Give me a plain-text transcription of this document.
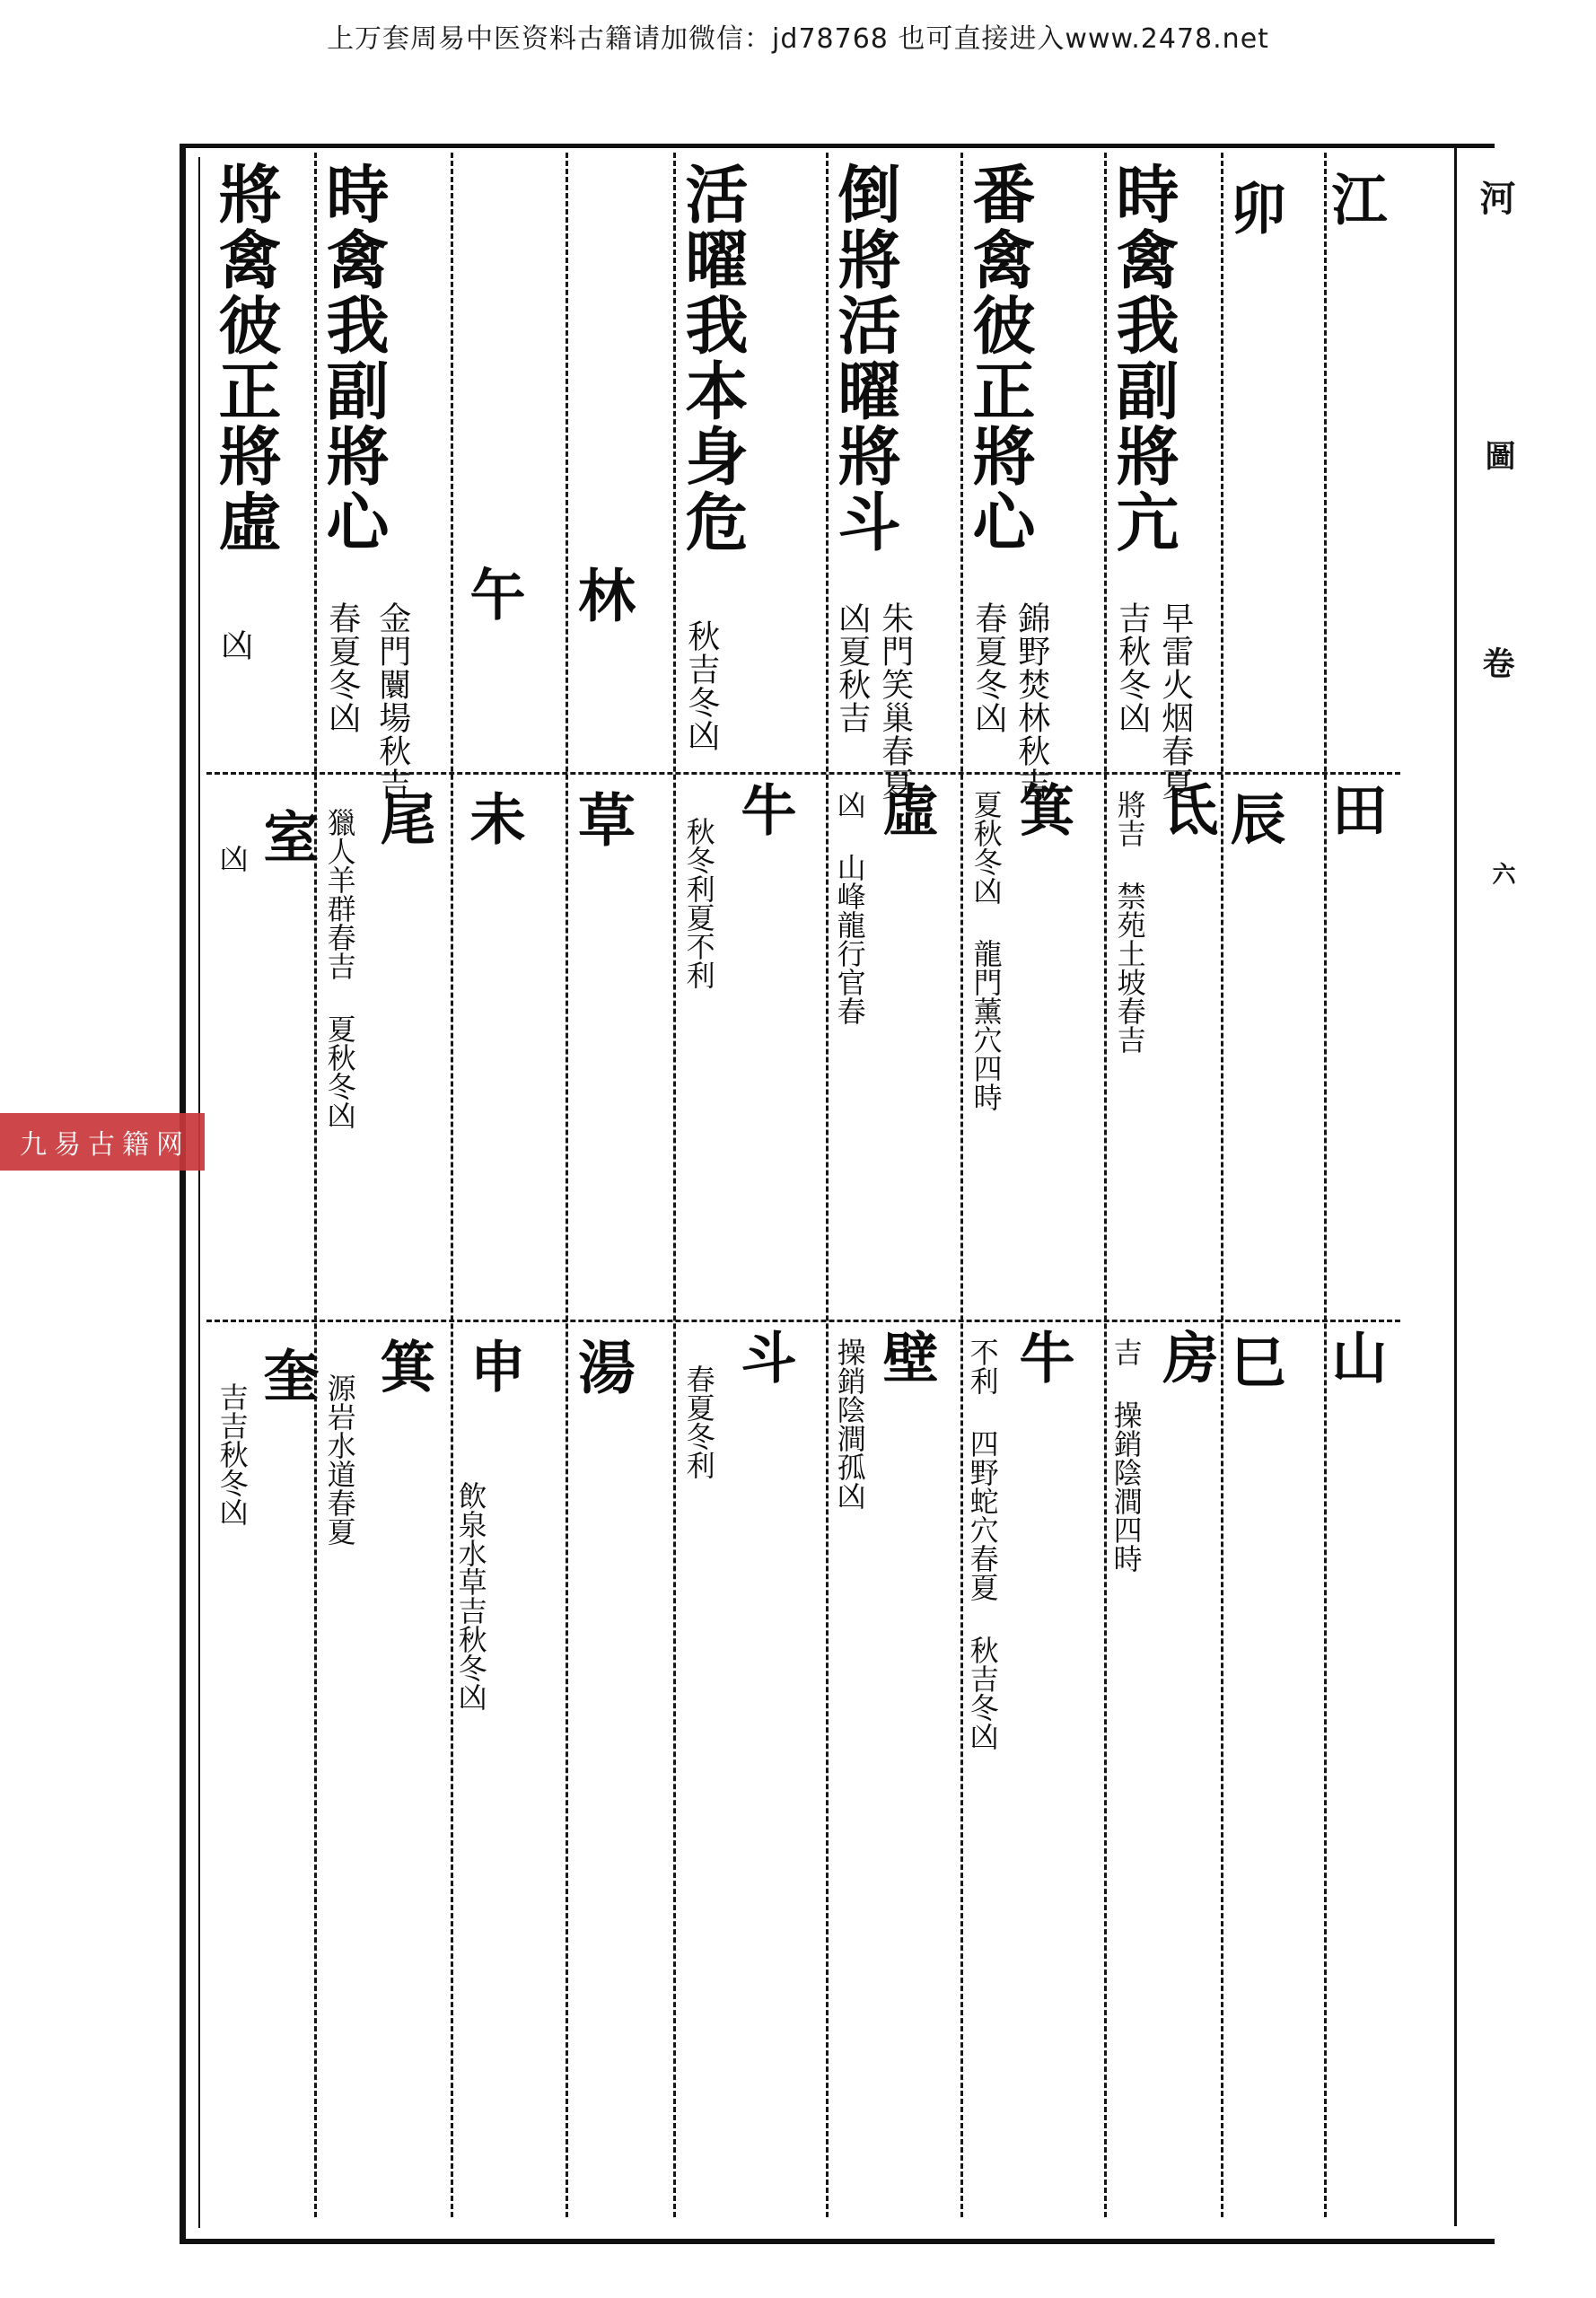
上万套周易中医资料古籍请加微信：jd78768 也可直接进入www.2478.net
河
圖
卷
六
江
田
山
卯
辰
巳
時禽我副將亢
吉秋冬凶 早雷火烟春夏
氐
將吉 禁苑土坡春吉
房
吉 操銷陰澗四時
番禽彼正將心
春夏冬凶 錦野焚林秋吉
箕
夏秋冬凶 龍門薰穴四時
牛
不利 四野蛇穴春夏 秋吉冬凶
倒將活曜將斗
凶夏秋吉 朱門笑巢春夏
虛
凶 山峰龍行官春
壁
操銷陰澗孤凶
活曜我本身危
秋吉冬凶
牛
秋冬利夏不利
斗
春夏冬利
林
草
湯
午
未
申
飲泉水草吉秋冬凶
時禽我副將心
春夏冬凶 金門闤場秋吉
尾
獵人羊群春吉 夏秋冬凶
箕
源岩水道春夏
將禽彼正將虛
凶
室
凶
奎
吉吉秋冬凶
九易古籍网
